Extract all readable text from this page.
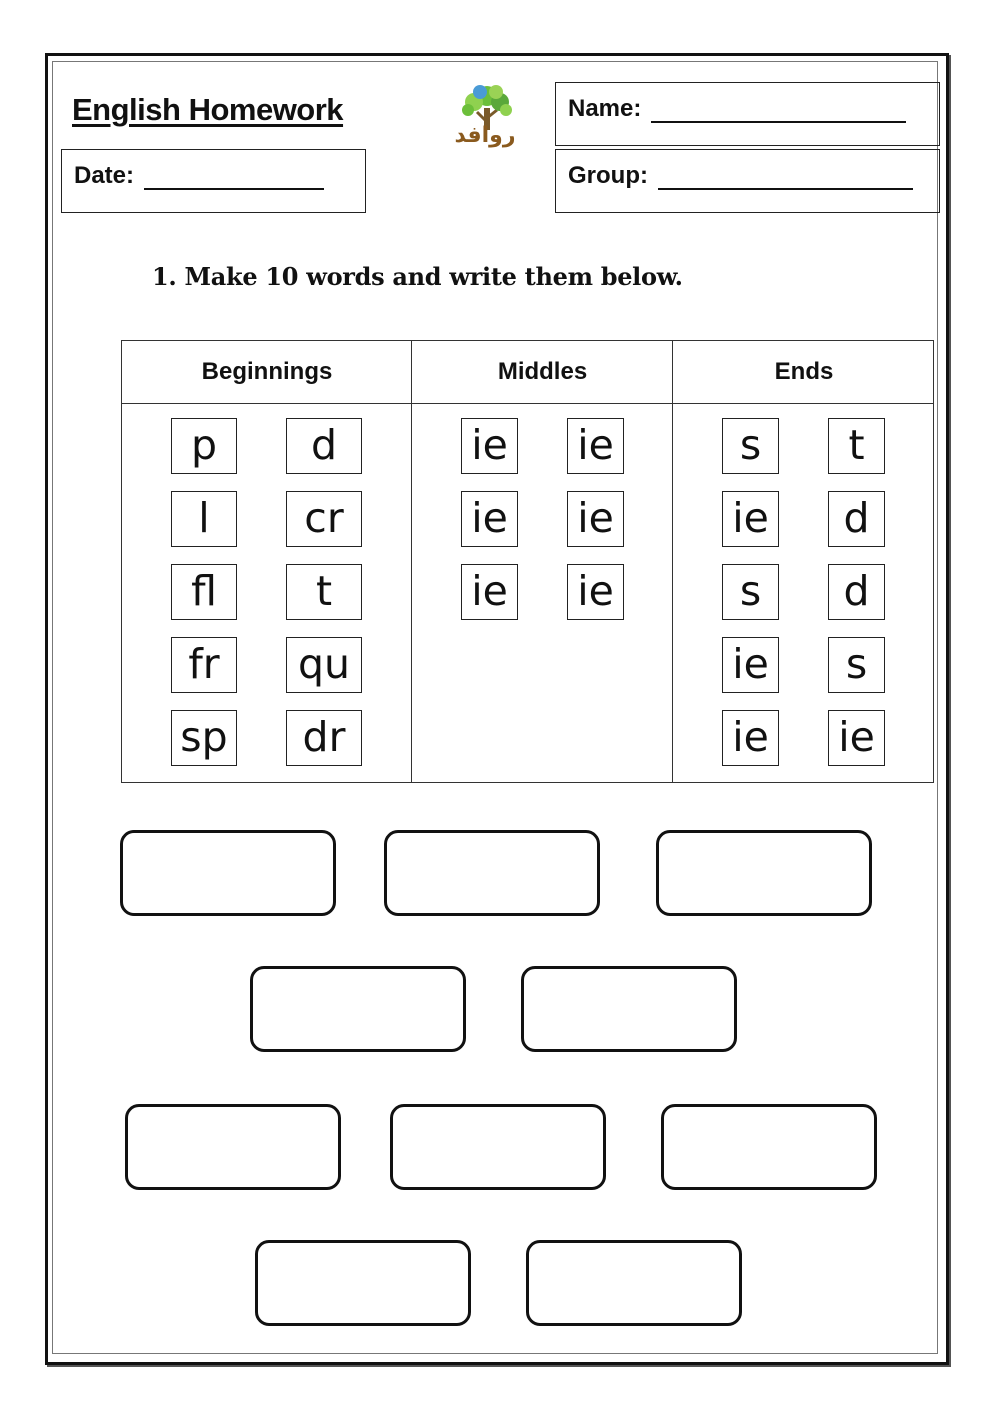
English Homework
روافد
Name:
Date:	Group:
1. Make 10 words and write them below.
Beginnings	Middles	Ends
p	d
l	cr
fl	t
fr	qu
sp	dr
ie ie
ie ie
ie ie
s	t
ie	d
s	d
ie	s
ie ie
